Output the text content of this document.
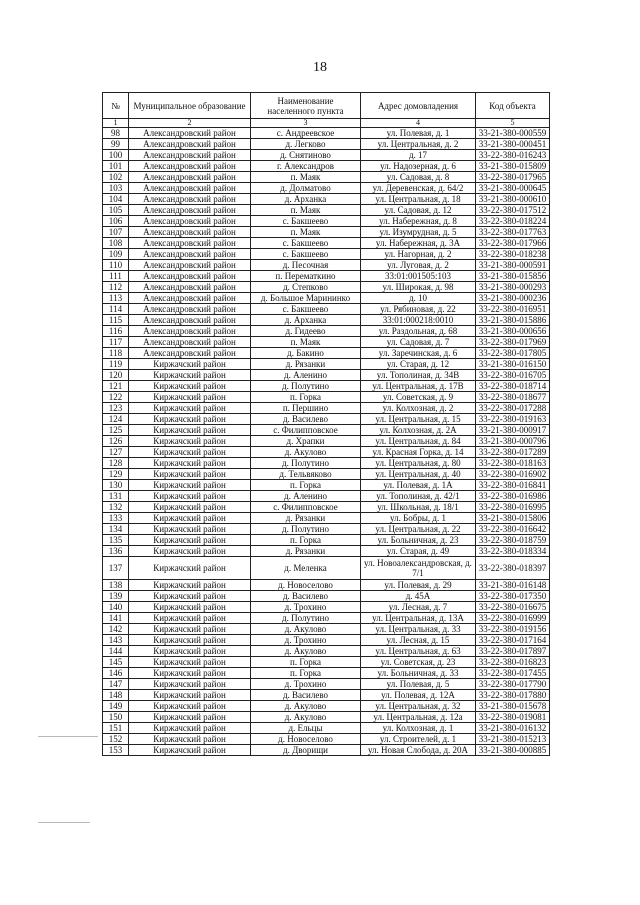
18
№	Муниципальное образование	Наименование населенного пункта	Адрес домовладения	Код объекта
1	2	3	4	5
98	Александровский район	с. Андреевское	ул. Полевая, д. 1	33-21-380-000559
99	Александровский район	д. Легково	ул. Центральная, д. 2	33-21-380-000451
100	Александровский район	д. Снятиново	д. 17	33-22-380-016243
101	Александровский район	г. Александров	ул. Надозерная, д. 6	33-21-380-015809
102	Александровский район	п. Маяк	ул. Садовая, д. 8	33-22-380-017965
103	Александровский район	д. Долматово	ул. Деревенская, д. 64/2	33-21-380-000645
104	Александровский район	д. Арханка	ул. Центральная, д. 18	33-21-380-000610
105	Александровский район	п. Маяк	ул. Садовая, д. 12	33-22-380-017512
106	Александровский район	с. Бакшеево	ул. Набережная, д. 8	33-22-380-018224
107	Александровский район	п. Маяк	ул. Изумрудная, д. 5	33-22-380-017763
108	Александровский район	с. Бакшеево	ул. Набережная, д. 3А	33-22-380-017966
109	Александровский район	с. Бакшеево	ул. Нагорная, д. 2	33-22-380-018238
110	Александровский район	д. Песочная	ул. Луговая, д. 2	33-21-380-000591
111	Александровский район	п. Перематкино	33:01:001505:103	33-21-380-015856
112	Александровский район	д. Степково	ул. Широкая, д. 98	33-21-380-000293
113	Александровский район	д. Большое Марининко	д. 10	33-21-380-000236
114	Александровский район	с. Бакшеево	ул. Рябиновая, д. 22	33-22-380-016951
115	Александровский район	д. Арханка	33:01:000218:0010	33-21-380-015886
116	Александровский район	д. Гидеево	ул. Раздольная, д. 68	33-21-380-000656
117	Александровский район	п. Маяк	ул. Садовая, д. 7	33-22-380-017969
118	Александровский район	д. Бакино	ул. Заречинская, д. 6	33-22-380-017805
119	Киржачский район	д. Рязанки	ул. Старая, д. 12	33-21-380-016150
120	Киржачский район	д. Аленино	ул. Тополиная, д. 34В	33-22-380-016705
121	Киржачский район	д. Полутино	ул. Центральная, д. 17В	33-22-380-018714
122	Киржачский район	п. Горка	ул. Советская, д. 9	33-22-380-018677
123	Киржачский район	п. Першино	ул. Колхозная, д. 2	33-22-380-017288
124	Киржачский район	д. Василево	ул. Центральная, д. 15	33-22-380-019163
125	Киржачский район	с. Филипповское	ул. Колхозная, д. 2А	33-21-380-000917
126	Киржачский район	д. Храпки	ул. Центральная, д. 84	33-21-380-000796
127	Киржачский район	д. Акулово	ул. Красная Горка, д. 14	33-22-380-017289
128	Киржачский район	д. Полутино	ул. Центральная, д. 80	33-22-380-018163
129	Киржачский район	д. Тельвяково	ул. Центральная, д. 40	33-22-380-016902
130	Киржачский район	п. Горка	ул. Полевая, д. 1А	33-22-380-016841
131	Киржачский район	д. Аленино	ул. Тополиная, д. 42/1	33-22-380-016986
132	Киржачский район	с. Филипповское	ул. Школьная, д. 18/1	33-22-380-016995
133	Киржачский район	д. Рязанки	ул. Бобры, д. 1	33-21-380-015806
134	Киржачский район	д. Полутино	ул. Центральная, д. 22	33-22-380-016642
135	Киржачский район	п. Горка	ул. Больничная, д. 23	33-22-380-018759
136	Киржачский район	д. Рязанки	ул. Старая, д. 49	33-22-380-018334
137	Киржачский район	д. Меленка	ул. Новоалександровская, д. 7/1	33-22-380-018397
138	Киржачский район	д. Новоселово	ул. Полевая, д. 29	33-21-380-016148
139	Киржачский район	д. Василево	д. 45А	33-22-380-017350
140	Киржачский район	д. Трохино	ул. Лесная, д. 7	33-22-380-016675
141	Киржачский район	д. Полутино	ул. Центральная, д. 13А	33-22-380-016999
142	Киржачский район	д. Акулово	ул. Центральная, д. 33	33-22-380-019156
143	Киржачский район	д. Трохино	ул. Лесная, д. 15	33-22-380-017164
144	Киржачский район	д. Акулово	ул. Центральная, д. 63	33-22-380-017897
145	Киржачский район	п. Горка	ул. Советская, д. 23	33-22-380-016823
146	Киржачский район	п. Горка	ул. Больничная, д. 33	33-22-380-017455
147	Киржачский район	д. Трохино	ул. Полевая, д. 5	33-22-380-017790
148	Киржачский район	д. Василево	ул. Полевая, д. 12А	33-22-380-017880
149	Киржачский район	д. Акулово	ул. Центральная, д. 32	33-21-380-015678
150	Киржачский район	д. Акулово	ул. Центральная, д. 12а	33-22-380-019081
151	Киржачский район	д. Ельцы	ул. Колхозная, д. 1	33-21-380-016132
152	Киржачский район	д. Новоселово	ул. Строителей, д. 1	33-21-380-015213
153	Киржачский район	д. Дворищи	ул. Новая Слобода, д. 20А	33-21-380-000885
